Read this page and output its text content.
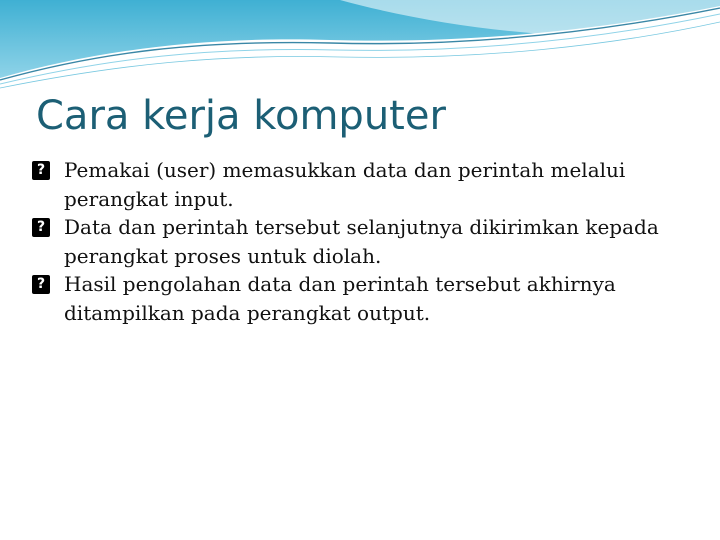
Cara kerja komputer
? Pemakai (user) memasukkan data dan perintah melalui perangkat input.
? Data dan perintah tersebut selanjutnya dikirimkan kepada perangkat proses untuk diolah.
? Hasil pengolahan data dan perintah tersebut akhirnya ditampilkan pada perangkat output.
